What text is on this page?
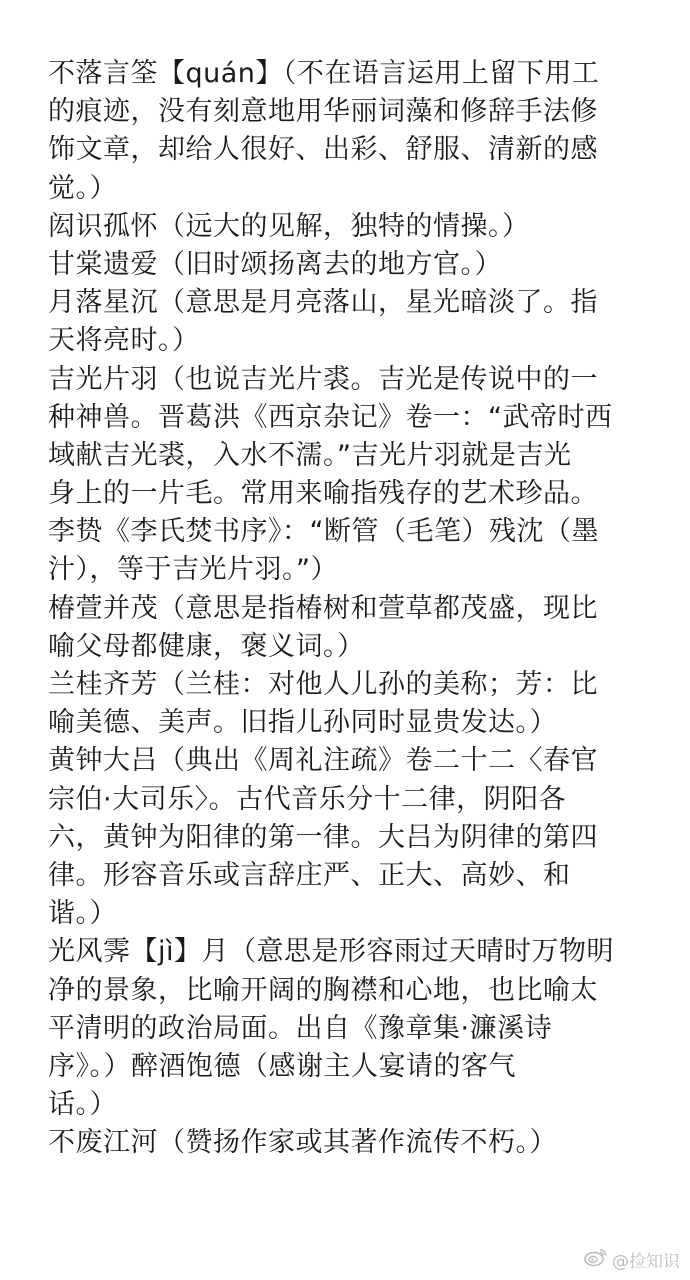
不落言筌【quán】（不在语言运用上留下用工
的痕迹，没有刻意地用华丽词藻和修辞手法修
饰文章，却给人很好、出彩、舒服、清新的感
觉。）
闳识孤怀（远大的见解，独特的情操。）
甘棠遗爱（旧时颂扬离去的地方官。）
月落星沉（意思是月亮落山，星光暗淡了。指
天将亮时。）
吉光片羽（也说吉光片裘。吉光是传说中的一
种神兽。晋葛洪《西京杂记》卷一：“武帝时西
域献吉光裘，入水不濡。”吉光片羽就是吉光
身上的一片毛。常用来喻指残存的艺术珍品。
李贽《李氏焚书序》：“断管（毛笔）残沈（墨
汁），等于吉光片羽。”）
椿萱并茂（意思是指椿树和萱草都茂盛，现比
喻父母都健康，褒义词。）
兰桂齐芳（兰桂：对他人儿孙的美称；芳：比
喻美德、美声。旧指儿孙同时显贵发达。）
黄钟大吕（典出《周礼注疏》卷二十二〈春官
宗伯·大司乐〉。古代音乐分十二律，阴阳各
六，黄钟为阳律的第一律。大吕为阴律的第四
律。形容音乐或言辞庄严、正大、高妙、和
谐。）
光风霁【jì】月（意思是形容雨过天晴时万物明
净的景象，比喻开阔的胸襟和心地，也比喻太
平清明的政治局面。出自《豫章集·濂溪诗
序》。）醉酒饱德（感谢主人宴请的客气
话。）
不废江河（赞扬作家或其著作流传不朽。）
@捡知识
